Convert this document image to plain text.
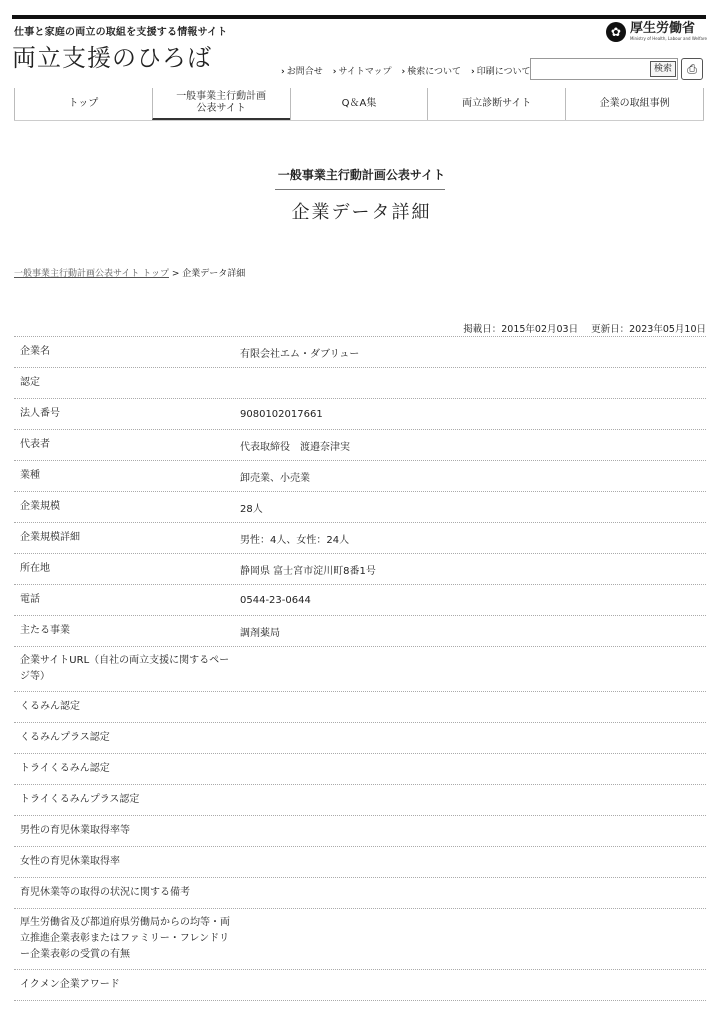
仕事と家庭の両立の取組を支援する情報サイト
両立支援のひろば
✿ 厚生労働省
Ministry of Health, Labour and Welfare
› お問合せ	› サイトマップ	› 検索について	› 印刷について	検索	⎙
トップ
一般事業主行動計画
公表サイト	Q＆A集	両立診断サイト	企業の取組事例
一般事業主行動計画公表サイト
企業データ詳細
一般事業主行動計画公表サイト トップ > 企業データ詳細
掲載日：2015年02月03日 更新日：2023年05月10日
企業名	有限会社エム・ダブリュー
認定
法人番号	9080102017661
代表者	代表取締役　渡邉奈津実
業種	卸売業、小売業
企業規模	28人
企業規模詳細	男性：4人、女性：24人
所在地	静岡県 富士宮市淀川町8番1号
電話	0544-23-0644
主たる事業	調剤薬局
企業サイトURL（自社の両立支援に関するページ等）
くるみん認定
くるみんプラス認定
トライくるみん認定
トライくるみんプラス認定
男性の育児休業取得率等
女性の育児休業取得率
育児休業等の取得の状況に関する備考
厚生労働省及び都道府県労働局からの均等・両立推進企業表彰またはファミリー・フレンドリー企業表彰の受賞の有無
イクメン企業アワード
